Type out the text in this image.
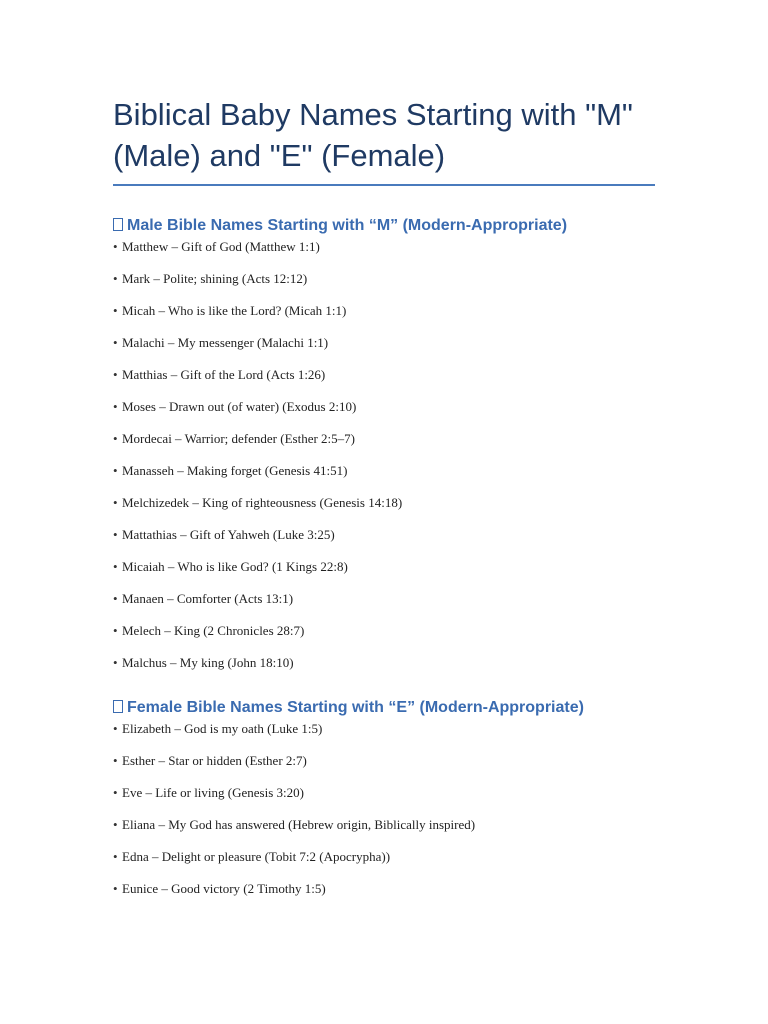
Biblical Baby Names Starting with "M"
(Male) and "E" (Female)
Male Bible Names Starting with “M” (Modern-Appropriate)
• Matthew – Gift of God (Matthew 1:1)
• Mark – Polite; shining (Acts 12:12)
• Micah – Who is like the Lord? (Micah 1:1)
• Malachi – My messenger (Malachi 1:1)
• Matthias – Gift of the Lord (Acts 1:26)
• Moses – Drawn out (of water) (Exodus 2:10)
• Mordecai – Warrior; defender (Esther 2:5–7)
• Manasseh – Making forget (Genesis 41:51)
• Melchizedek – King of righteousness (Genesis 14:18)
• Mattathias – Gift of Yahweh (Luke 3:25)
• Micaiah – Who is like God? (1 Kings 22:8)
• Manaen – Comforter (Acts 13:1)
• Melech – King (2 Chronicles 28:7)
• Malchus – My king (John 18:10)
Female Bible Names Starting with “E” (Modern-Appropriate)
• Elizabeth – God is my oath (Luke 1:5)
• Esther – Star or hidden (Esther 2:7)
• Eve – Life or living (Genesis 3:20)
• Eliana – My God has answered (Hebrew origin, Biblically inspired)
• Edna – Delight or pleasure (Tobit 7:2 (Apocrypha))
• Eunice – Good victory (2 Timothy 1:5)
